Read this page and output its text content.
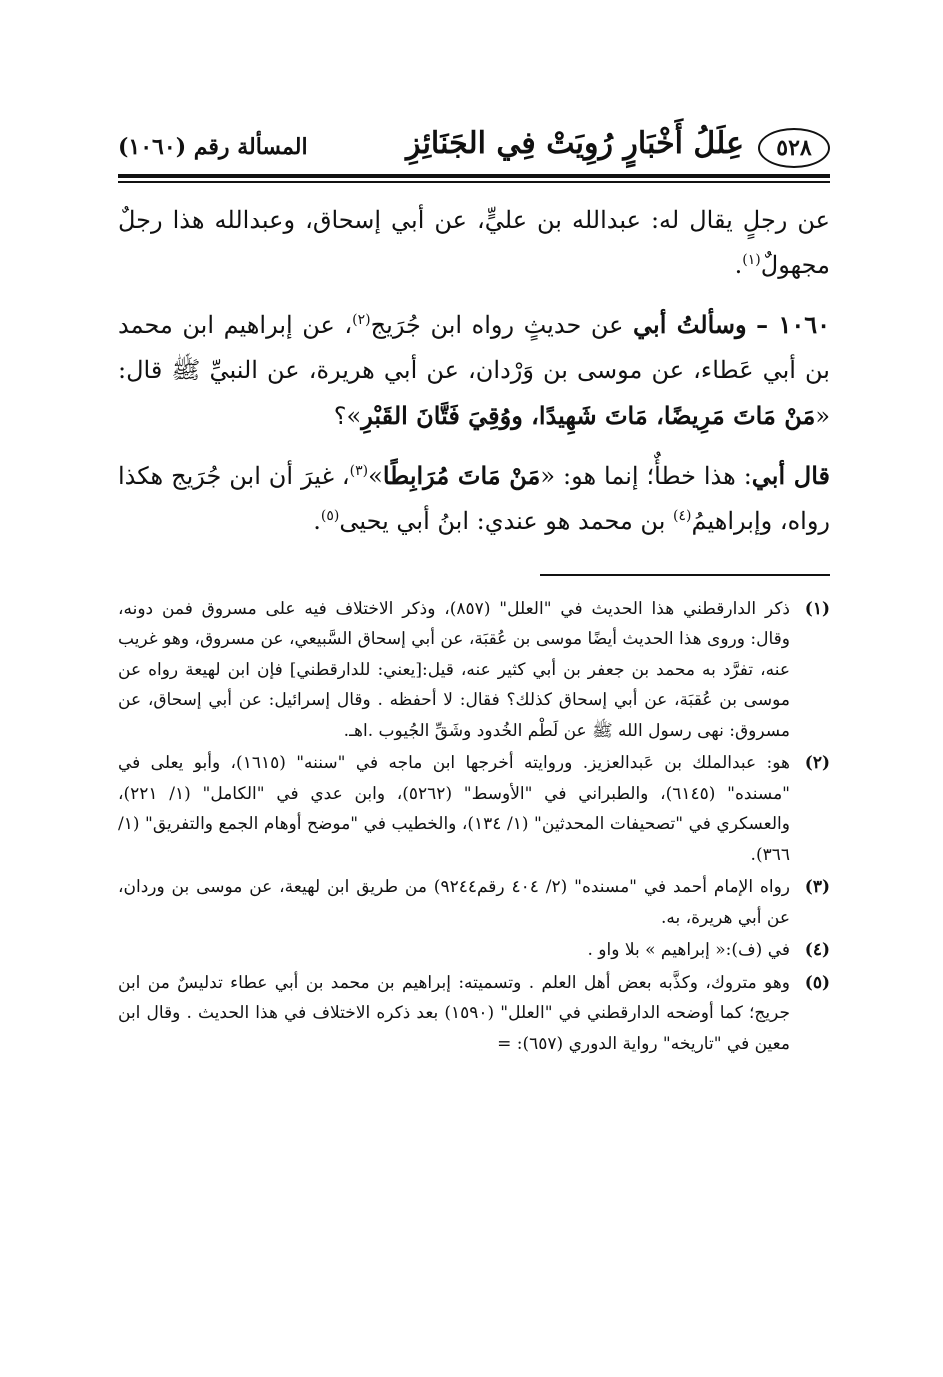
٥٢٨
عِلَلُ أَخْبَارٍ رُوِيَتْ فِي الجَنَائِزِ
المسألة رقم (١٠٦٠)

عن رجلٍ يقال له: عبدالله بن عليٍّ، عن أبي إسحاق، وعبدالله هذا رجلٌ مجهولٌ$^{(١)}$.

١٠٦٠ – وسألتُ أبي عن حديثٍ رواه ابن جُرَيج$^{(٢)}$، عن إبراهيم ابن محمد بن أبي عَطاء، عن موسى بن وَرْدان، عن أبي هريرة، عن النبيِّ ﷺ قال: «مَنْ مَاتَ مَرِيضًا، مَاتَ شَهِيدًا، ووُقِيَ فَتَّانَ القَبْرِ»؟

قال أبي: هذا خطأٌ؛ إنما هو: «مَنْ مَاتَ مُرَابِطًا»$^{(٣)}$، غيرَ أن ابن جُرَيج هكذا رواه، وإبراهيمُ$^{(٤)}$ بن محمد هو عندي: ابنُ أبي يحيى$^{(٥)}$.

(١)
ذكر الدارقطني هذا الحديث في "العلل" (٨٥٧)، وذكر الاختلاف فيه على مسروق فمن دونه، وقال: وروى هذا الحديث أيضًا موسى بن عُقبَة، عن أبي إسحاق السَّبيعي، عن مسروق، وهو غريب عنه، تفرَّد به محمد بن جعفر بن أبي كثير عنه، قيل:[يعني: للدارقطني] فإن ابن لهيعة رواه عن موسى بن عُقبَة، عن أبي إسحاق كذلك؟ فقال: لا أحفظه . وقال إسرائيل: عن أبي إسحاق، عن مسروق: نهى رسول الله ﷺ عن لَطْم الخُدود وشَقِّ الجُيوب .اهـ.
(٢)
هو: عبدالملك بن عَبدالعزيز. وروايته أخرجها ابن ماجه في "سننه" (١٦١٥)، وأبو يعلى في "مسنده" (٦١٤٥)، والطبراني في "الأوسط" (٥٢٦٢)، وابن عدي في "الكامل" (١/ ٢٢١)، والعسكري في "تصحيفات المحدثين" (١/ ١٣٤)، والخطيب في "موضح أوهام الجمع والتفريق" (١/ ٣٦٦).
(٣)
رواه الإمام أحمد في "مسنده" (٢/ ٤٠٤ رقم٩٢٤٤) من طريق ابن لهيعة، عن موسى بن وردان، عن أبي هريرة، به.
(٤)
في (ف):« إبراهيم » بلا واو .
(٥)
وهو متروك، وكذَّبه بعض أهل العلم . وتسميته: إبراهيم بن محمد بن أبي عطاء تدليسٌ من ابن جريج؛ كما أوضحه الدارقطني في "العلل" (١٥٩٠) بعد ذكره الاختلاف في هذا الحديث . وقال ابن معين في "تاريخه" رواية الدوري (٦٥٧): =
